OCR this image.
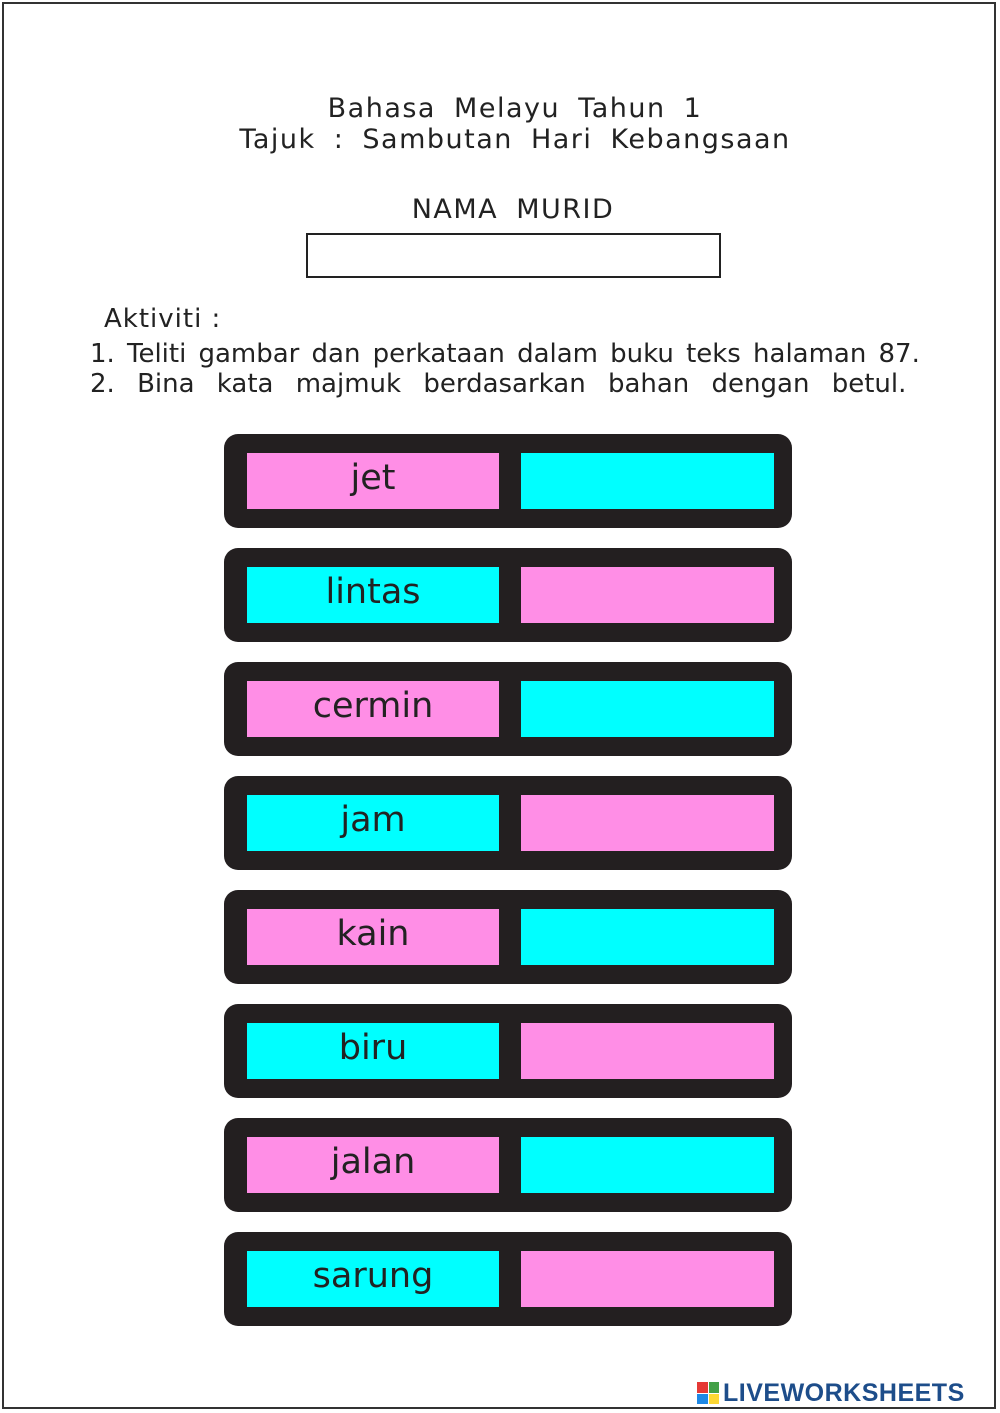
Bahasa Melayu Tahun 1
Tajuk : Sambutan Hari Kebangsaan
NAMA MURID
Aktiviti :
1. Teliti gambar dan perkataan dalam buku teks halaman 87.
2. Bina kata majmuk berdasarkan bahan dengan betul.
jet
lintas
cermin
jam
kain
biru
jalan
sarung
LIVEWORKSHEETS
